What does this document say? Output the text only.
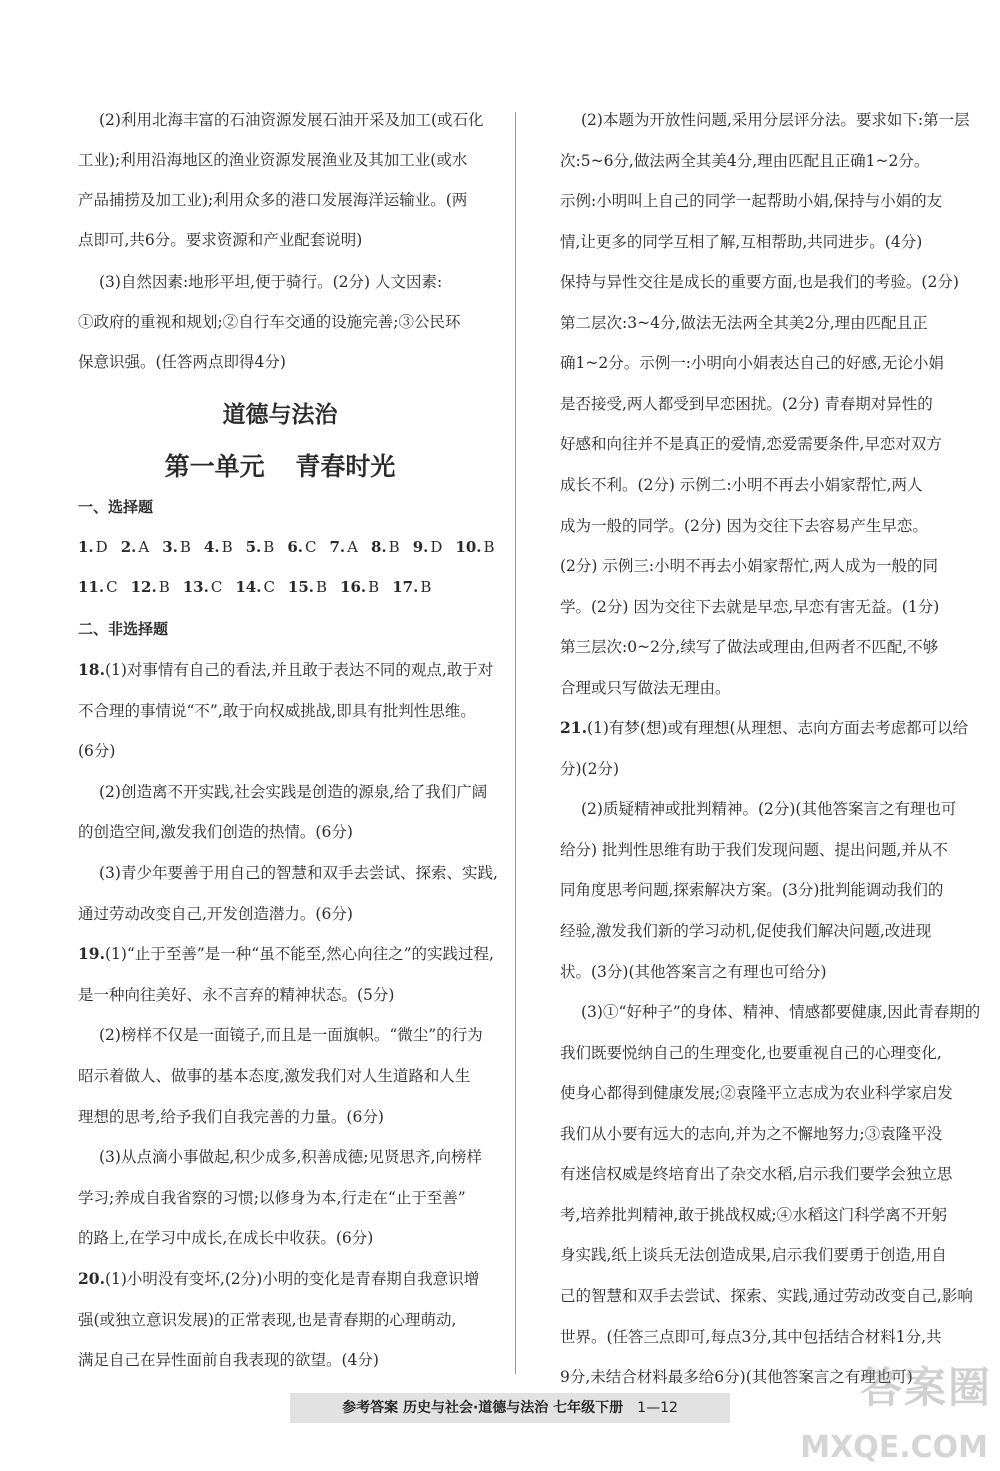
(2)利用北海丰富的石油资源发展石油开采及加工(或石化
工业);利用沿海地区的渔业资源发展渔业及其加工业(或水
产品捕捞及加工业);利用众多的港口发展海洋运输业。(两
点即可,共6分。要求资源和产业配套说明)
(3)自然因素:地形平坦,便于骑行。(2分) 人文因素:
①政府的重视和规划;②自行车交通的设施完善;③公民环
保意识强。(任答两点即得4分)
道德与法治
第一单元 青春时光
一、选择题
1. D 2. A 3. B 4. B 5. B 6. C 7. A 8. B 9. D 10. B
11. C 12. B 13. C 14. C 15. B 16. B 17. B
二、非选择题
18.(1)对事情有自己的看法,并且敢于表达不同的观点,敢于对
不合理的事情说“不”,敢于向权威挑战,即具有批判性思维。
(6分)
(2)创造离不开实践,社会实践是创造的源泉,给了我们广阔
的创造空间,激发我们创造的热情。(6分)
(3)青少年要善于用自己的智慧和双手去尝试、探索、实践,
通过劳动改变自己,开发创造潜力。(6分)
19.(1)“止于至善”是一种“虽不能至,然心向往之”的实践过程,
是一种向往美好、永不言弃的精神状态。(5分)
(2)榜样不仅是一面镜子,而且是一面旗帜。“微尘”的行为
昭示着做人、做事的基本态度,激发我们对人生道路和人生
理想的思考,给予我们自我完善的力量。(6分)
(3)从点滴小事做起,积少成多,积善成德;见贤思齐,向榜样
学习;养成自我省察的习惯;以修身为本,行走在“止于至善”
的路上,在学习中成长,在成长中收获。(6分)
20.(1)小明没有变坏,(2分)小明的变化是青春期自我意识增
强(或独立意识发展)的正常表现,也是青春期的心理萌动,
满足自己在异性面前自我表现的欲望。(4分)
(2)本题为开放性问题,采用分层评分法。要求如下:第一层
次:5~6分,做法两全其美4分,理由匹配且正确1~2分。
示例:小明叫上自己的同学一起帮助小娟,保持与小娟的友
情,让更多的同学互相了解,互相帮助,共同进步。(4分)
保持与异性交往是成长的重要方面,也是我们的考验。(2分)
第二层次:3~4分,做法无法两全其美2分,理由匹配且正
确1~2分。示例一:小明向小娟表达自己的好感,无论小娟
是否接受,两人都受到早恋困扰。(2分) 青春期对异性的
好感和向往并不是真正的爱情,恋爱需要条件,早恋对双方
成长不利。(2分) 示例二:小明不再去小娟家帮忙,两人
成为一般的同学。(2分) 因为交往下去容易产生早恋。
(2分) 示例三:小明不再去小娟家帮忙,两人成为一般的同
学。(2分) 因为交往下去就是早恋,早恋有害无益。(1分)
第三层次:0~2分,续写了做法或理由,但两者不匹配,不够
合理或只写做法无理由。
21.(1)有梦(想)或有理想(从理想、志向方面去考虑都可以给
分)(2分)
(2)质疑精神或批判精神。(2分)(其他答案言之有理也可
给分) 批判性思维有助于我们发现问题、提出问题,并从不
同角度思考问题,探索解决方案。(3分)批判能调动我们的
经验,激发我们新的学习动机,促使我们解决问题,改进现
状。(3分)(其他答案言之有理也可给分)
(3)①“好种子”的身体、精神、情感都要健康,因此青春期的
我们既要悦纳自己的生理变化,也要重视自己的心理变化,
使身心都得到健康发展;②袁隆平立志成为农业科学家启发
我们从小要有远大的志向,并为之不懈地努力;③袁隆平没
有迷信权威是终培育出了杂交水稻,启示我们要学会独立思
考,培养批判精神,敢于挑战权威;④水稻这门科学离不开躬
身实践,纸上谈兵无法创造成果,启示我们要勇于创造,用自
己的智慧和双手去尝试、探索、实践,通过劳动改变自己,影响
世界。(任答三点即可,每点3分,其中包括结合材料1分,共
9分,未结合材料最多给6分)(其他答案言之有理也可)
参考答案 历史与社会·道德与法治 七年级下册 1—12	答案圈
MXQE.COM
